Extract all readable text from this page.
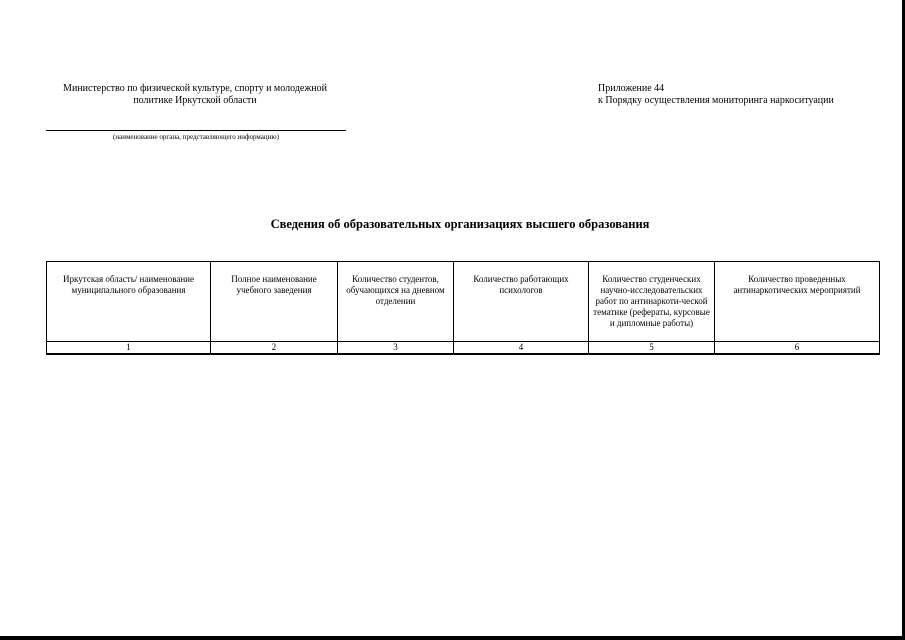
Министерство по физической культуре, спорту и молодежной
политике Иркутской области
(наименование органа, представляющего информацию)
Приложение 44
к Порядку осуществления мониторинга наркоситуации
Сведения об образовательных организациях высшего образования
Иркутская область/ наименование муниципального образования	Полное наименование учебного заведения	Количество студентов, обучающихся на дневном отделении	Количество работающих психологов	Количество студенческих научно-исследовательских работ по антинаркоти-ческой тематике (рефераты, курсовые и дипломные работы)	Количество проведенных антинаркотических мероприятий
1	2	3	4	5	6
